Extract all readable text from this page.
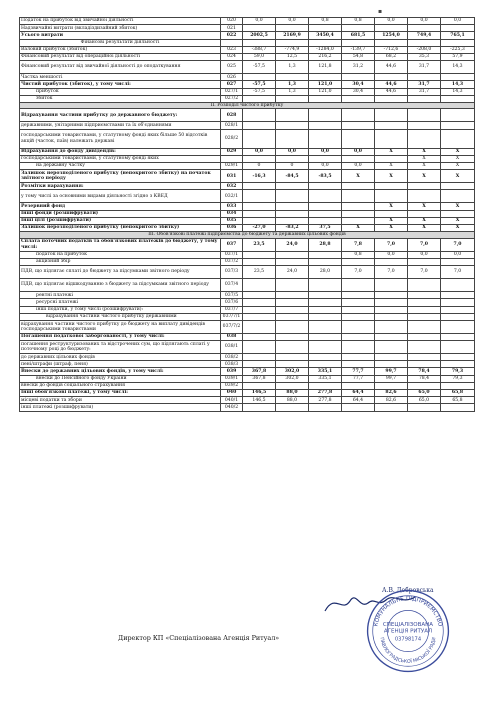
▪
Податок на прибуток від звичайної діяльності	020	0,0	0,0	0,8	0,8	0,0	0,0	0,0
Надзвичайні витрати (вкладіздизайний збиток)	021							
Усього витрати	022	2002,5	2169,9	3450,4	681,5	1254,0	749,4	765,1
Фінансові результати діяльності								
Валовий прибуток (збиток)	023	-388,7	-774,9	-1284,0	-139,7	-712,6	-208,0	-225,3
Фінансовий результат від операційної діяльності	024	59,0	12,5	216,2	54,8	68,2	35,3	57,9
Фінансовий результат від звичайної діяльності до оподаткування	025	-57,5	1,3	121,8	31,2	44,6	31,7	14,3
Частка меншості	026							
Чистий прибуток (збиток), у тому числі:	027	-57,5	1,3	121,0	30,4	44,6	31,7	14,3
прибуток	027/1	-57,5	1,3	121,0	30,4	44,6	31,7	14,3
збиток	027/2							
II. Розподіл чистого прибутку								
Відрахування частини прибутку до державного бюджету:	028							
державними, унітарними підприємствами та їх об'єднаннями	028/1							
господарськими товариствами, у статутному фонді яких більше 50 відсотків акцій (часток, паїв) належать державі	028/2							
Відрахування до фонду дивідендів:	029	0,0	0,0	0,0	0,0	X	X	X
господарськими товариствами, у статутному фонді яких							X	X
на державну частку	029/1	0	0	0,0	0,0	X	X	X
Залишок нерозподіленого прибутку (непокритого збитку) на початок звітного періоду	031	-16,3	-84,5	-83,5	X	X	X	X
Розмітки нарахування:	032							
у тому числі за основними видами діяльності згідно з КВЕД	032/1							
Резервний фонд	033					X	X	X
Інші фонди (розшифрувати)	034							
Інші цілі (розшифрувати)	035					X	X	X
Залишок нерозподіленого прибутку (непокритого збитку)	036	-27,0	-83,2	37,5	X	X	X	X
III. Обов'язкові платежі підприємства до бюджету та державних цільових фондів								
Сплата поточних податків та обов'язкових платежів до бюджету, у тому числі:	037	23,5	24,0	28,8	7,8	7,0	7,0	7,0
податок на прибуток	037/1				0,8	0,0	0,0	0,0
акцизний збір	037/2							
ПДВ, що підлягає сплаті до бюджету за підсумками звітного періоду	037/3	23,5	24,0	28,0	7,0	7,0	7,0	7,0
ПДВ, що підлягає відшкодуванню з бюджету за підсумками звітного періоду	037/4							
рентні платежі	037/5							
ресурсні платежі	037/6							
інші податки, у тому числі (розшифрувати):	037/7							
відрахування частини чистого прибутку державними	037/7/1							
відрахування частини чистого прибутку до бюджету на виплату дивідендів господарськими товариствами	037/7/2							
Погашення податкової заборгованості, у тому числі:	038							
погашення реструктуризованих та відстрочених сум, що підлягають сплаті у поточному році до бюджету:	038/1							
до державних цільових фондів	038/2							
пені/штрафи (штраф, пеня)	038/3							
Внески до державних цільових фондів, у тому числі:	039	367,8	302,0	335,1	77,7	99,7	78,4	79,3
внески до Пенсійного фонду України	039/1	367,8	302,0	335,1	77,7	99,7	78,4	79,3
внески до фондів соціального страхування	039/2							
Інші обов'язкові платежі, у тому числі:	040	146,5	88,0	277,8	64,4	82,6	65,0	65,8
місцеві податки та збори	040/1	146,5	88,0	277,8	64,4	82,6	65,0	65,8
інші платежі (розшифрувати)	040/2							
Директор КП «Спеціалізована Агенція Ритуал»
А.В. Добровська
КОМУНАЛЬНЕ ПІДПРИЄМСТВО
ПАВЛОГРАДСЬКОЇ МІСЬКОЇ РАДИ
СПЕЦІАЛІЗОВАНА
АГЕНЦІЯ РИТУАЛ
03798174
